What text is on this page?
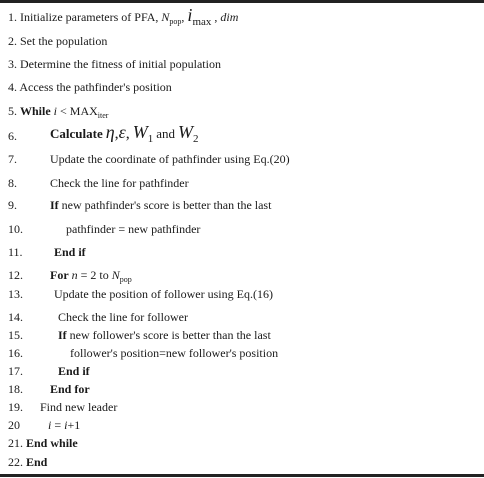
1. Initialize parameters of PFA, $N_{pop}$, imax , dim
2. Set the population
3. Determine the fitness of initial population
4. Access the pathfinder's position
5. While $i < MAX_{iter}$
6.	Calculate η,ε, W1 and W2
7.	Update the coordinate of pathfinder using Eq.(20)
8.	Check the line for pathfinder
9.	If new pathfinder's score is better than the last
10.	pathfinder = new pathfinder
11.	End if
12. For n = 2 to $N_{pop}$
13.	Update the position of follower using Eq.(16)
14.	Check the line for follower
15.	If new follower's score is better than the last
16.	follower's position=new follower's position
17.	End if
18. End for
19. Find new leader
20 i = i+1
21. End while
22. End
